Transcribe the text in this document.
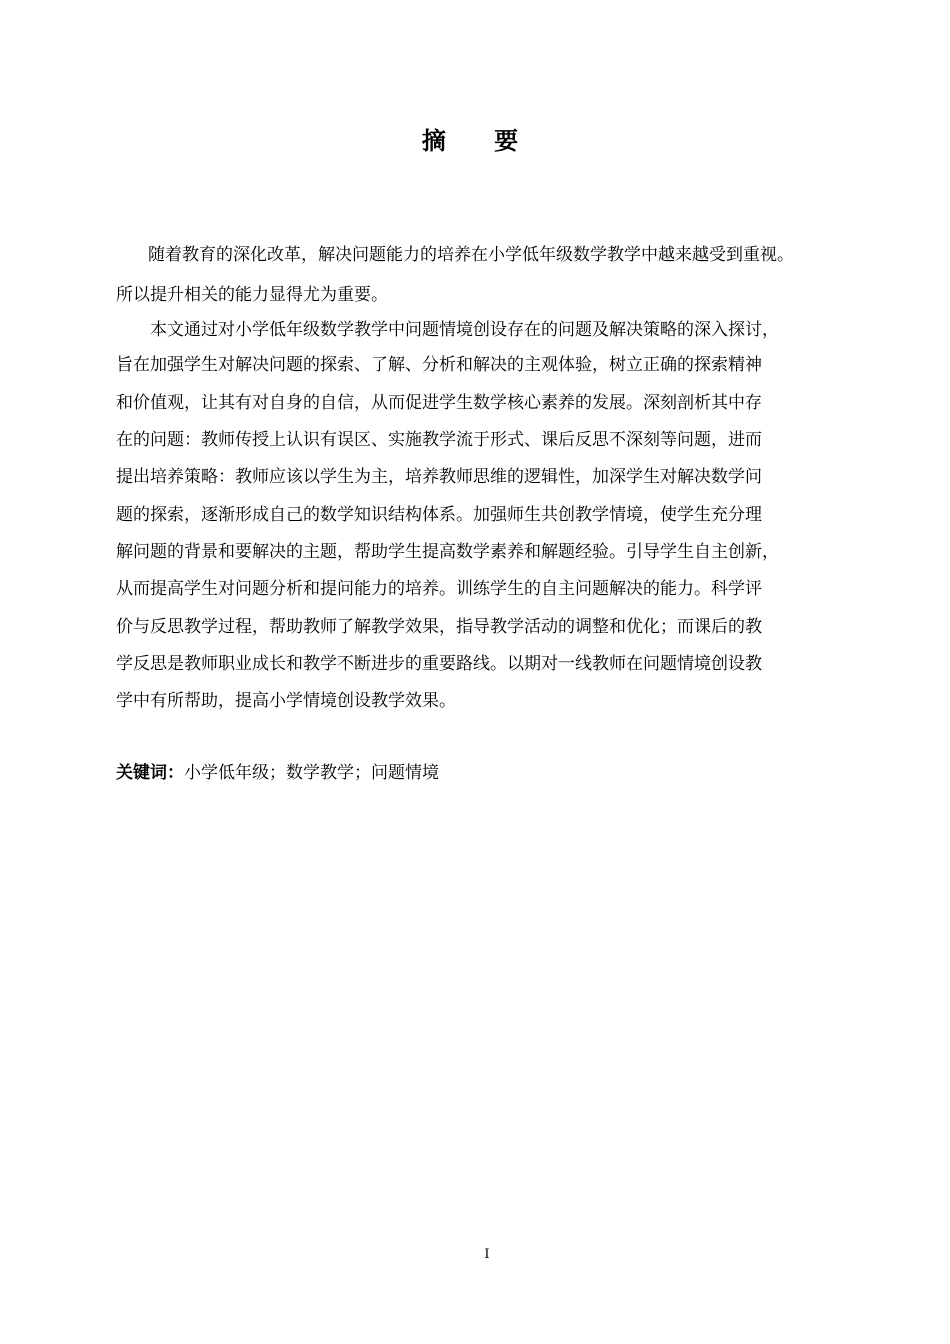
摘 要
随着教育的深化改革，解决问题能力的培养在小学低年级数学教学中越来越受到重视。
所以提升相关的能力显得尤为重要。
本文通过对小学低年级数学教学中问题情境创设存在的问题及解决策略的深入探讨，
旨在加强学生对解决问题的探索、了解、分析和解决的主观体验，树立正确的探索精神
和价值观，让其有对自身的自信，从而促进学生数学核心素养的发展。深刻剖析其中存
在的问题：教师传授上认识有误区、实施教学流于形式、课后反思不深刻等问题，进而
提出培养策略：教师应该以学生为主，培养教师思维的逻辑性，加深学生对解决数学问
题的探索，逐渐形成自己的数学知识结构体系。加强师生共创教学情境，使学生充分理
解问题的背景和要解决的主题，帮助学生提高数学素养和解题经验。引导学生自主创新，
从而提高学生对问题分析和提问能力的培养。训练学生的自主问题解决的能力。科学评
价与反思教学过程，帮助教师了解教学效果，指导教学活动的调整和优化；而课后的教
学反思是教师职业成长和教学不断进步的重要路线。以期对一线教师在问题情境创设教
学中有所帮助，提高小学情境创设教学效果。
关键词：小学低年级；数学教学；问题情境
I
